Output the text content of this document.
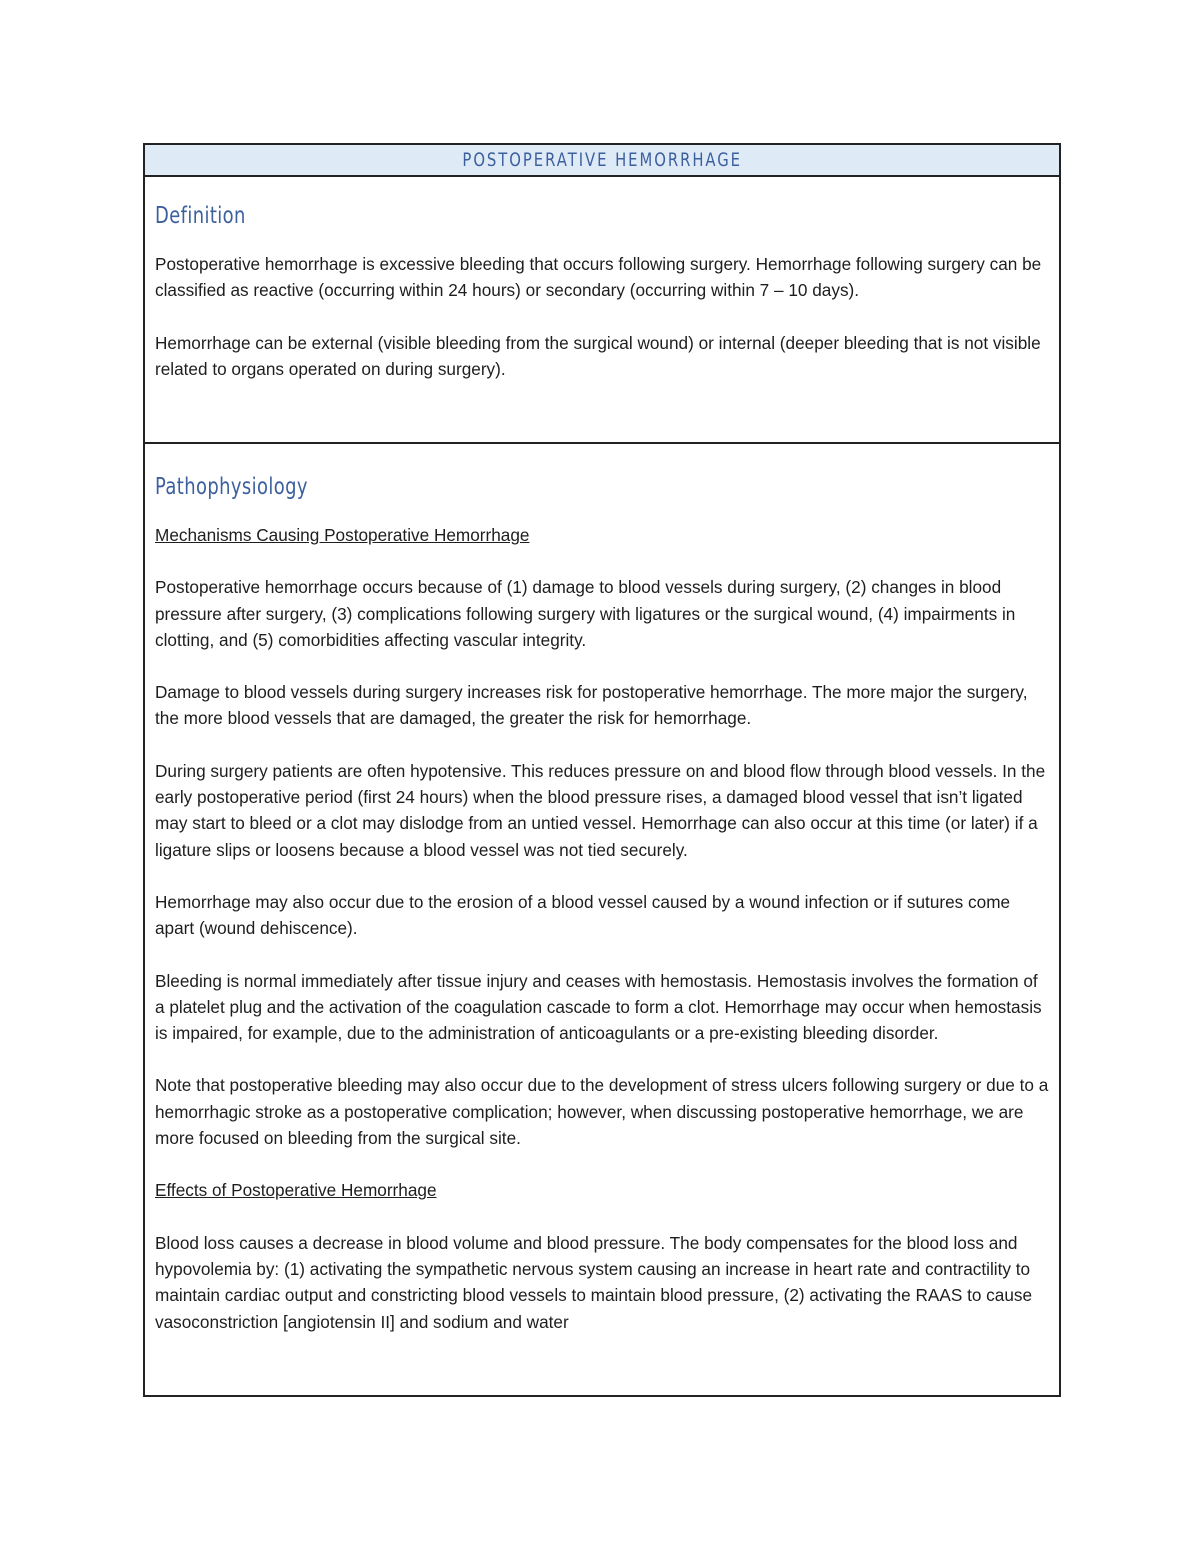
POSTOPERATIVE HEMORRHAGE
Definition

Postoperative hemorrhage is excessive bleeding that occurs following surgery. Hemorrhage following surgery can be classified as reactive (occurring within 24 hours) or secondary (occurring within 7 – 10 days).

Hemorrhage can be external (visible bleeding from the surgical wound) or internal (deeper bleeding that is not visible related to organs operated on during surgery).

Pathophysiology

Mechanisms Causing Postoperative Hemorrhage

Postoperative hemorrhage occurs because of (1) damage to blood vessels during surgery, (2) changes in blood pressure after surgery, (3) complications following surgery with ligatures or the surgical wound, (4) impairments in clotting, and (5) comorbidities affecting vascular integrity.

Damage to blood vessels during surgery increases risk for postoperative hemorrhage. The more major the surgery, the more blood vessels that are damaged, the greater the risk for hemorrhage.

During surgery patients are often hypotensive. This reduces pressure on and blood flow through blood vessels. In the early postoperative period (first 24 hours) when the blood pressure rises, a damaged blood vessel that isn’t ligated may start to bleed or a clot may dislodge from an untied vessel. Hemorrhage can also occur at this time (or later) if a ligature slips or loosens because a blood vessel was not tied securely.

Hemorrhage may also occur due to the erosion of a blood vessel caused by a wound infection or if sutures come apart (wound dehiscence).

Bleeding is normal immediately after tissue injury and ceases with hemostasis. Hemostasis involves the formation of a platelet plug and the activation of the coagulation cascade to form a clot. Hemorrhage may occur when hemostasis is impaired, for example, due to the administration of anticoagulants or a pre-existing bleeding disorder.

Note that postoperative bleeding may also occur due to the development of stress ulcers following surgery or due to a hemorrhagic stroke as a postoperative complication; however, when discussing postoperative hemorrhage, we are more focused on bleeding from the surgical site.

Effects of Postoperative Hemorrhage

Blood loss causes a decrease in blood volume and blood pressure. The body compensates for the blood loss and hypovolemia by: (1) activating the sympathetic nervous system causing an increase in heart rate and contractility to maintain cardiac output and constricting blood vessels to maintain blood pressure, (2) activating the RAAS to cause vasoconstriction [angiotensin II] and sodium and water
